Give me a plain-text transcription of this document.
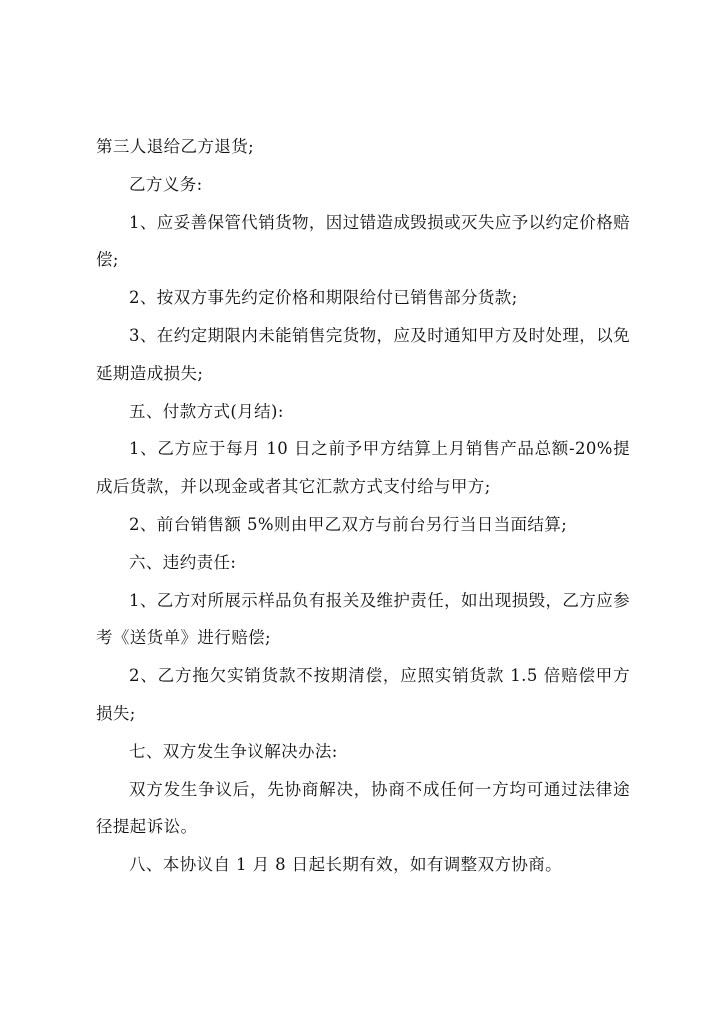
第三人退给乙方退货;

乙方义务:

1、应妥善保管代销货物，因过错造成毁损或灭失应予以约定价格赔偿;

2、按双方事先约定价格和期限给付已销售部分货款;

3、在约定期限内未能销售完货物，应及时通知甲方及时处理，以免延期造成损失;

五、付款方式(月结):

1、乙方应于每月 10 日之前予甲方结算上月销售产品总额-20%提成后货款，并以现金或者其它汇款方式支付给与甲方;

2、前台销售额 5%则由甲乙双方与前台另行当日当面结算;

六、违约责任:

1、乙方对所展示样品负有报关及维护责任，如出现损毁，乙方应参考《送货单》进行赔偿;

2、乙方拖欠实销货款不按期清偿，应照实销货款 1.5 倍赔偿甲方损失;

七、双方发生争议解决办法:

双方发生争议后，先协商解决，协商不成任何一方均可通过法律途径提起诉讼。

八、本协议自 1 月 8 日起长期有效，如有调整双方协商。
